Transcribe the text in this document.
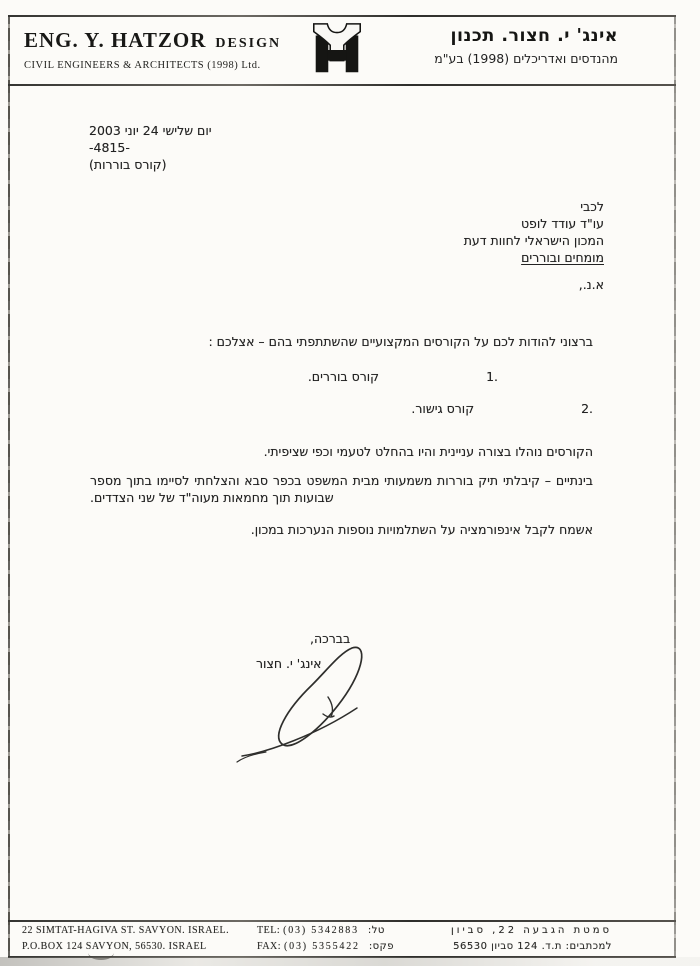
ENG. Y. HATZOR DESIGN
CIVIL ENGINEERS & ARCHITECTS (1998) Ltd.
אינג' י. חצור. תכנון
מהנדסים ואדריכלים (1998) בע"מ
יום שלישי 24 יוני 2003
-4815-
(קורס בוררות)
לכבי
עו"ד עודד לופט
המכון הישראלי לחוות דעת
מומחים ובוררים
א.נ.,
ברצוני להודות לכם על הקורסים המקצועיים שהשתתפתי בהם – אצלכם :
1.קורס בוררים.
2.קורס גישור.
הקורסים נוהלו בצורה עניינית והיו בהחלט לטעמי וכפי שציפיתי.
בינתיים – קיבלתי תיק בוררות משמעותי מבית המשפט בכפר סבא והצלחתי לסיימו בתוך מספר שבועות תוך מחמאות מעוה"ד של שני הצדדים.
אשמח לקבל אינפורמציה על השתלמויות נוספות הנערכות במכון.
בברכה,
אינג' י. חצור
22 SIMTAT-HAGIVA ST. SAVYON. ISRAEL.
P.O.BOX 124 SAVYON, 56530. ISRAEL
TEL: (03) 5342883 טל:
FAX: (03) 5355422 פקס:
סמטת הגבעה 22, סביון
למכתבים: ת.ד. 124 סביון 56530
